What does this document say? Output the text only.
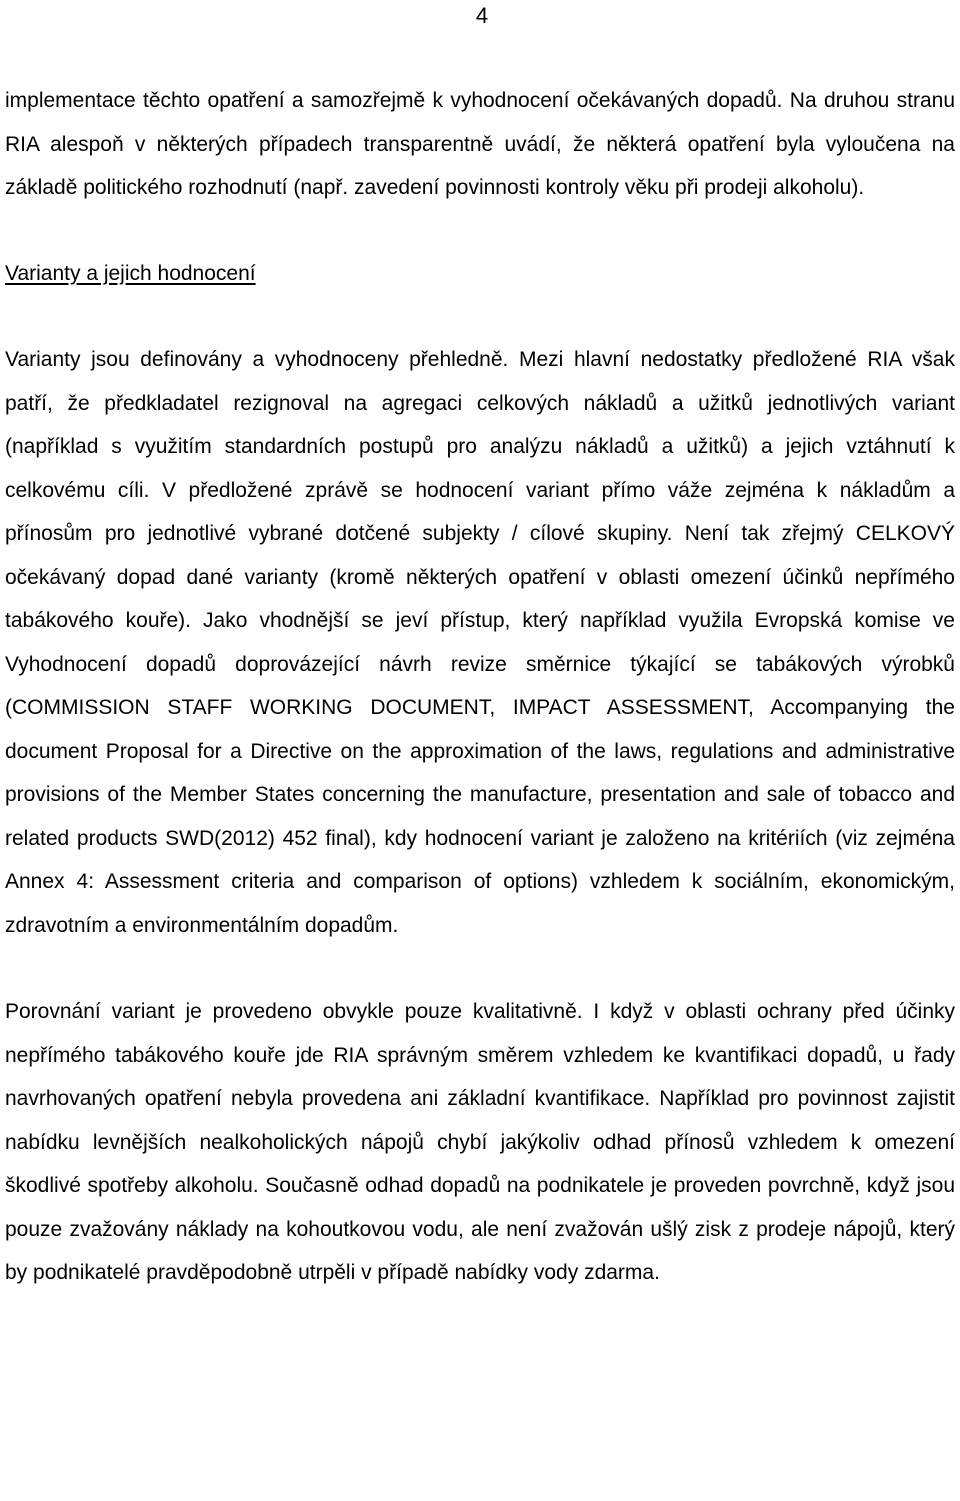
4

implementace těchto opatření a samozřejmě k vyhodnocení očekávaných dopadů. Na druhou stranu RIA alespoň v některých případech transparentně uvádí, že některá opatření byla vyloučena na základě politického rozhodnutí (např. zavedení povinnosti kontroly věku při prodeji alkoholu).

Varianty a jejich hodnocení

Varianty jsou definovány a vyhodnoceny přehledně. Mezi hlavní nedostatky předložené RIA však patří, že předkladatel rezignoval na agregaci celkových nákladů a užitků jednotlivých variant (například s využitím standardních postupů pro analýzu nákladů a užitků) a jejich vztáhnutí k celkovému cíli. V předložené zprávě se hodnocení variant přímo váže zejména k nákladům a přínosům pro jednotlivé vybrané dotčené subjekty / cílové skupiny. Není tak zřejmý CELKOVÝ očekávaný dopad dané varianty (kromě některých opatření v oblasti omezení účinků nepřímého tabákového kouře). Jako vhodnější se jeví přístup, který například využila Evropská komise ve Vyhodnocení dopadů doprovázející návrh revize směrnice týkající se tabákových výrobků (COMMISSION STAFF WORKING DOCUMENT, IMPACT ASSESSMENT, Accompanying the document Proposal for a Directive on the approximation of the laws, regulations and administrative provisions of the Member States concerning the manufacture, presentation and sale of tobacco and related products SWD(2012) 452 final), kdy hodnocení variant je založeno na kritériích (viz zejména Annex 4: Assessment criteria and comparison of options) vzhledem k sociálním, ekonomickým, zdravotním a environmentálním dopadům.

Porovnání variant je provedeno obvykle pouze kvalitativně. I když v oblasti ochrany před účinky nepřímého tabákového kouře jde RIA správným směrem vzhledem ke kvantifikaci dopadů, u řady navrhovaných opatření nebyla provedena ani základní kvantifikace. Například pro povinnost zajistit nabídku levnějších nealkoholických nápojů chybí jakýkoliv odhad přínosů vzhledem k omezení škodlivé spotřeby alkoholu. Současně odhad dopadů na podnikatele je proveden povrchně, když jsou pouze zvažovány náklady na kohoutkovou vodu, ale není zvažován ušlý zisk z prodeje nápojů, který by podnikatelé pravděpodobně utrpěli v případě nabídky vody zdarma.
